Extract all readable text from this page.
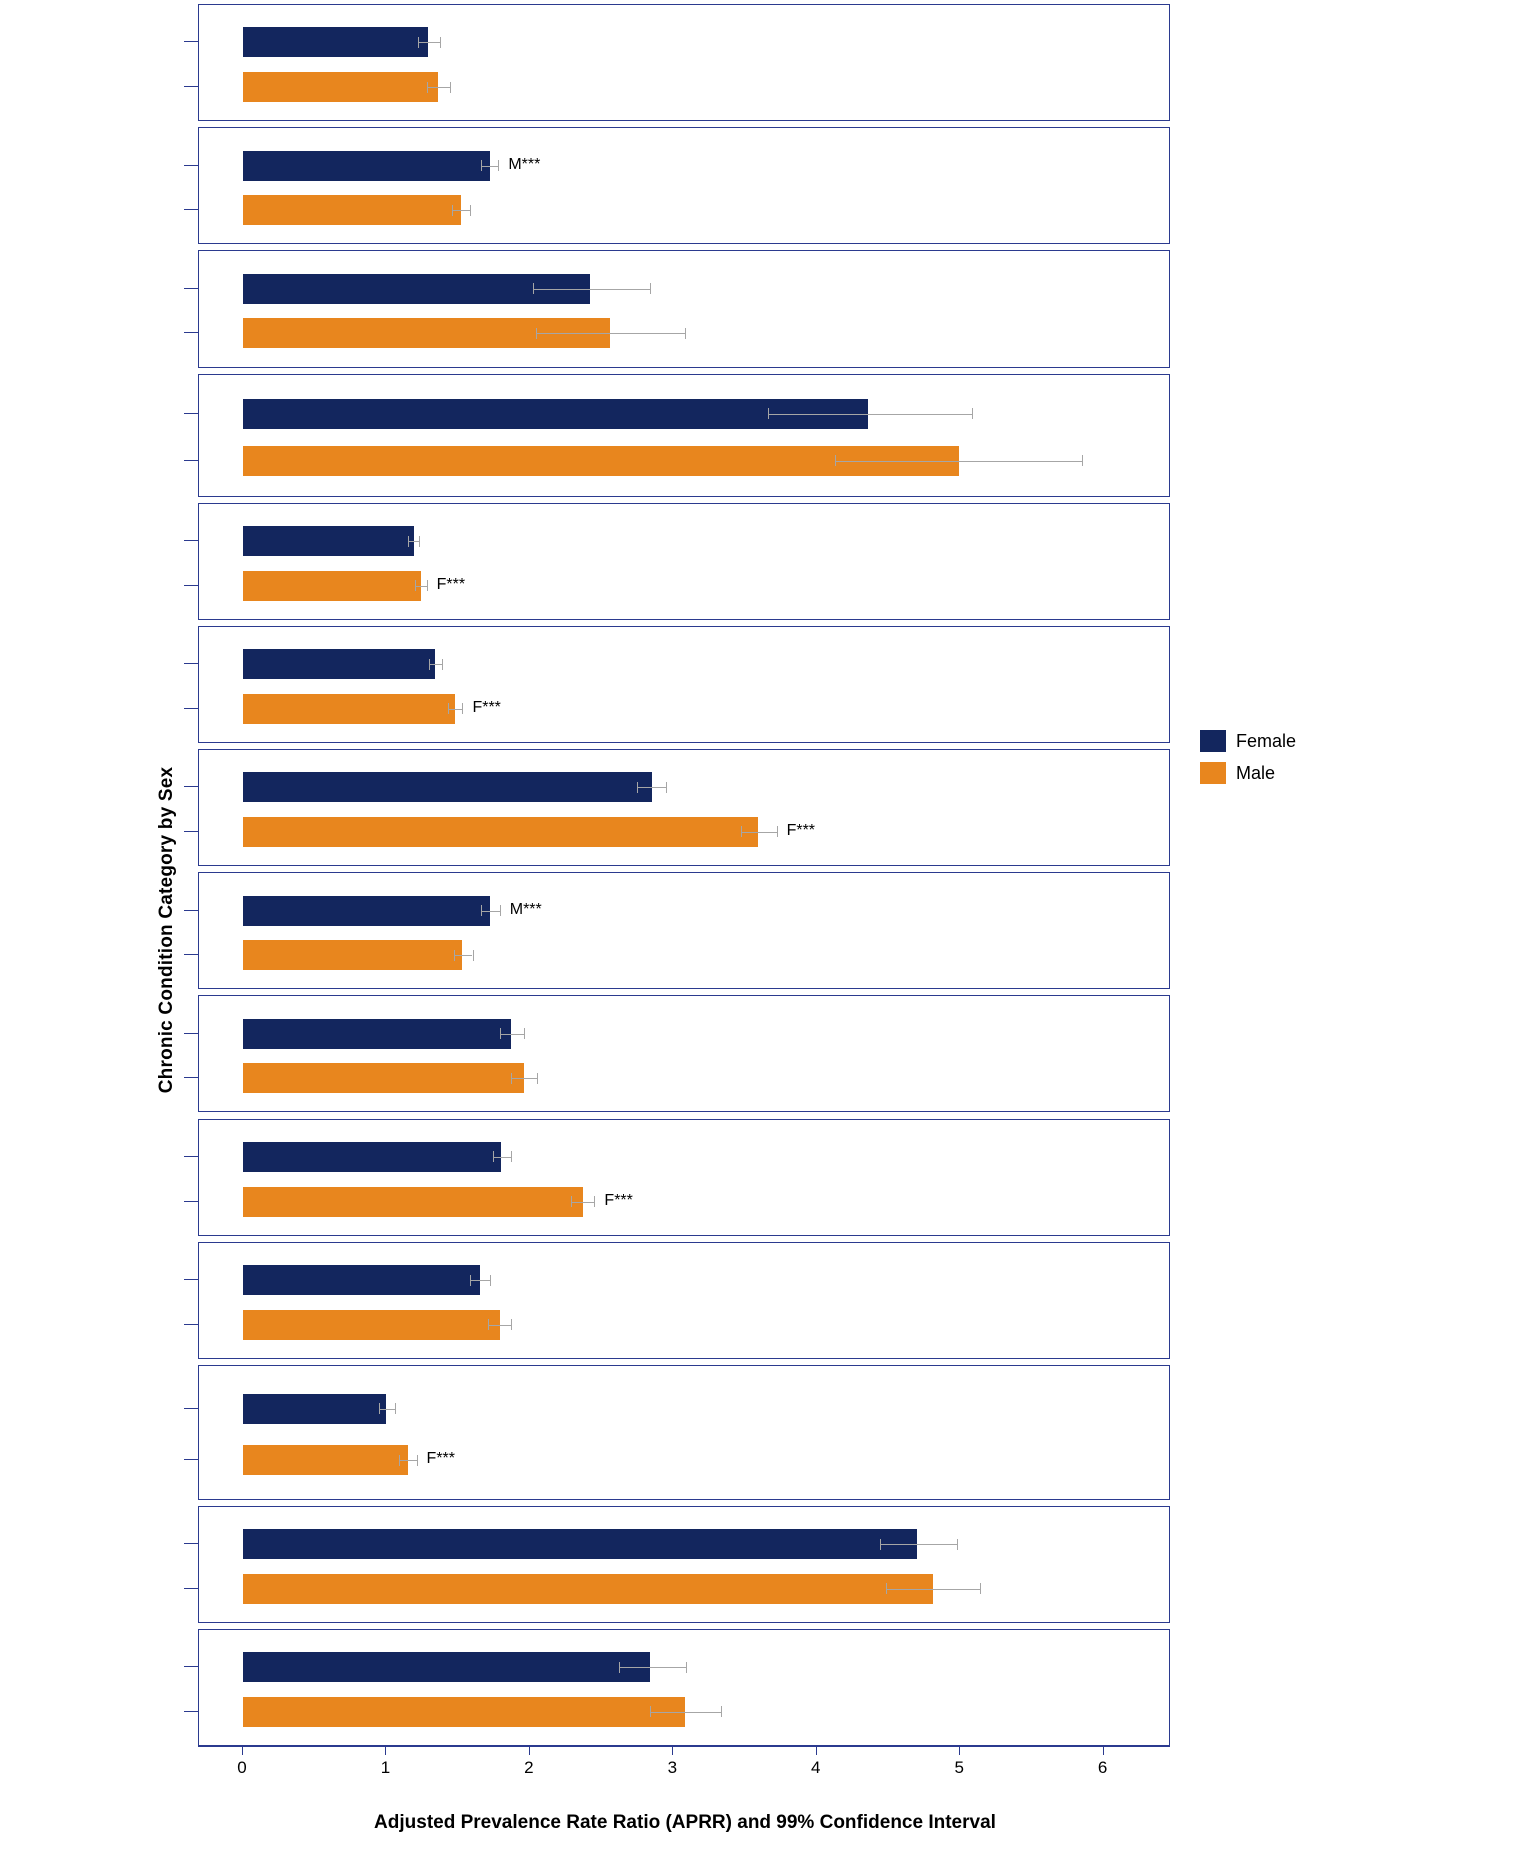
Chronic Condition Category by Sex
Adjusted Prevalence Rate Ratio (APRR) and 99% Confidence Interval
Female
Male
M***
F***
F***
F***
M***
F***
F***
0	1	2	3	4	5	6
